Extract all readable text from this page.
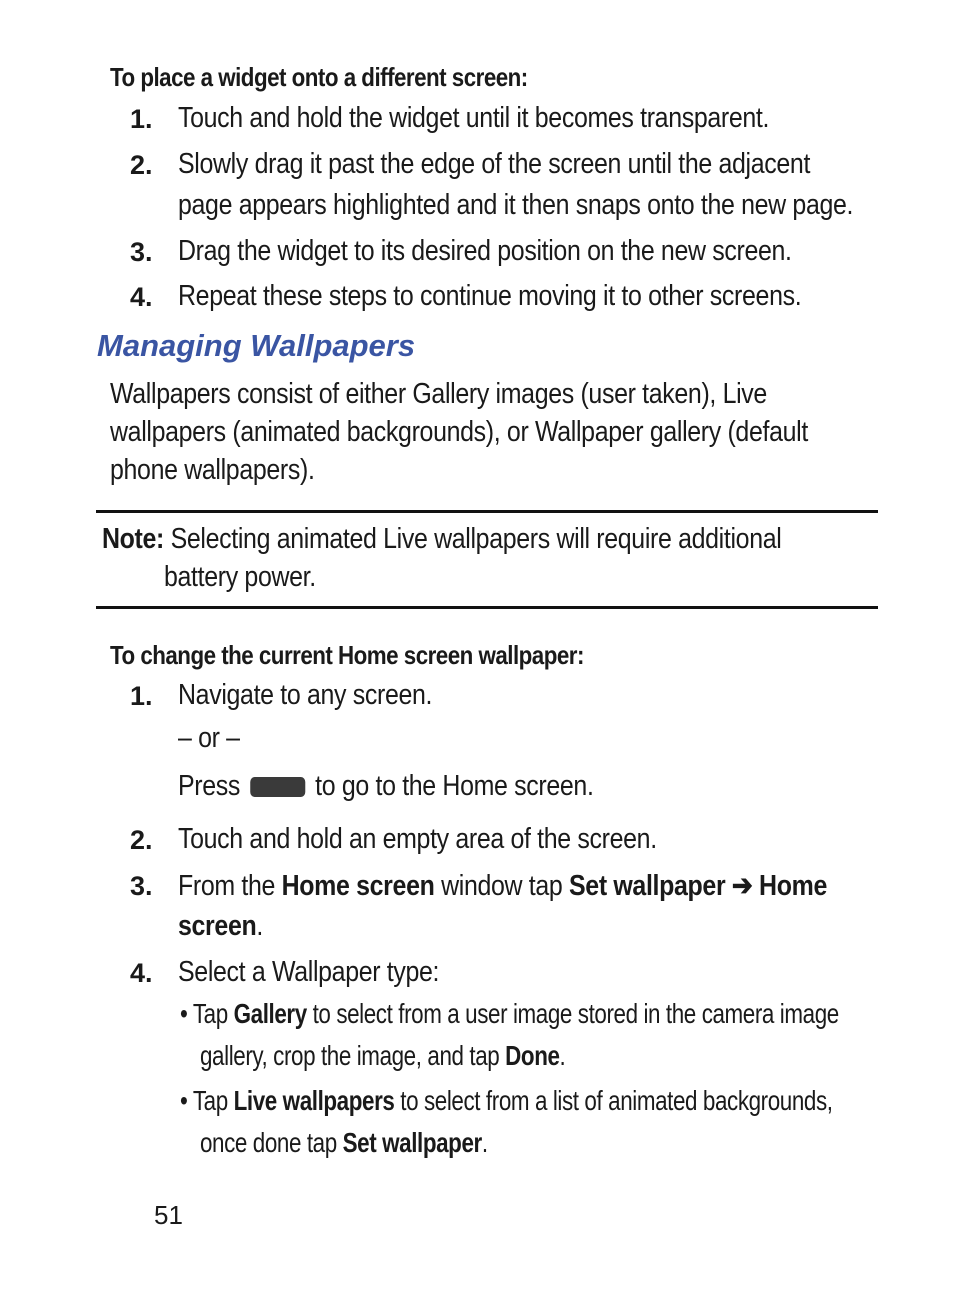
To place a widget onto a different screen:
1. Touch and hold the widget until it becomes transparent.
2. Slowly drag it past the edge of the screen until the adjacent
page appears highlighted and it then snaps onto the new page.
3. Drag the widget to its desired position on the new screen.
4. Repeat these steps to continue moving it to other screens.
Managing Wallpapers
Wallpapers consist of either Gallery images (user taken), Live
wallpapers (animated backgrounds), or Wallpaper gallery (default
phone wallpapers).
Note: Selecting animated Live wallpapers will require additional
battery power.
To change the current Home screen wallpaper:
1. Navigate to any screen.
– or –
Press	to go to the Home screen.
2. Touch and hold an empty area of the screen.
3. From the Home screen window tap Set wallpaper ➔ Home
screen.
4. Select a Wallpaper type:
• Tap Gallery to select from a user image stored in the camera image
gallery, crop the image, and tap Done.
• Tap Live wallpapers to select from a list of animated backgrounds,
once done tap Set wallpaper.
51
